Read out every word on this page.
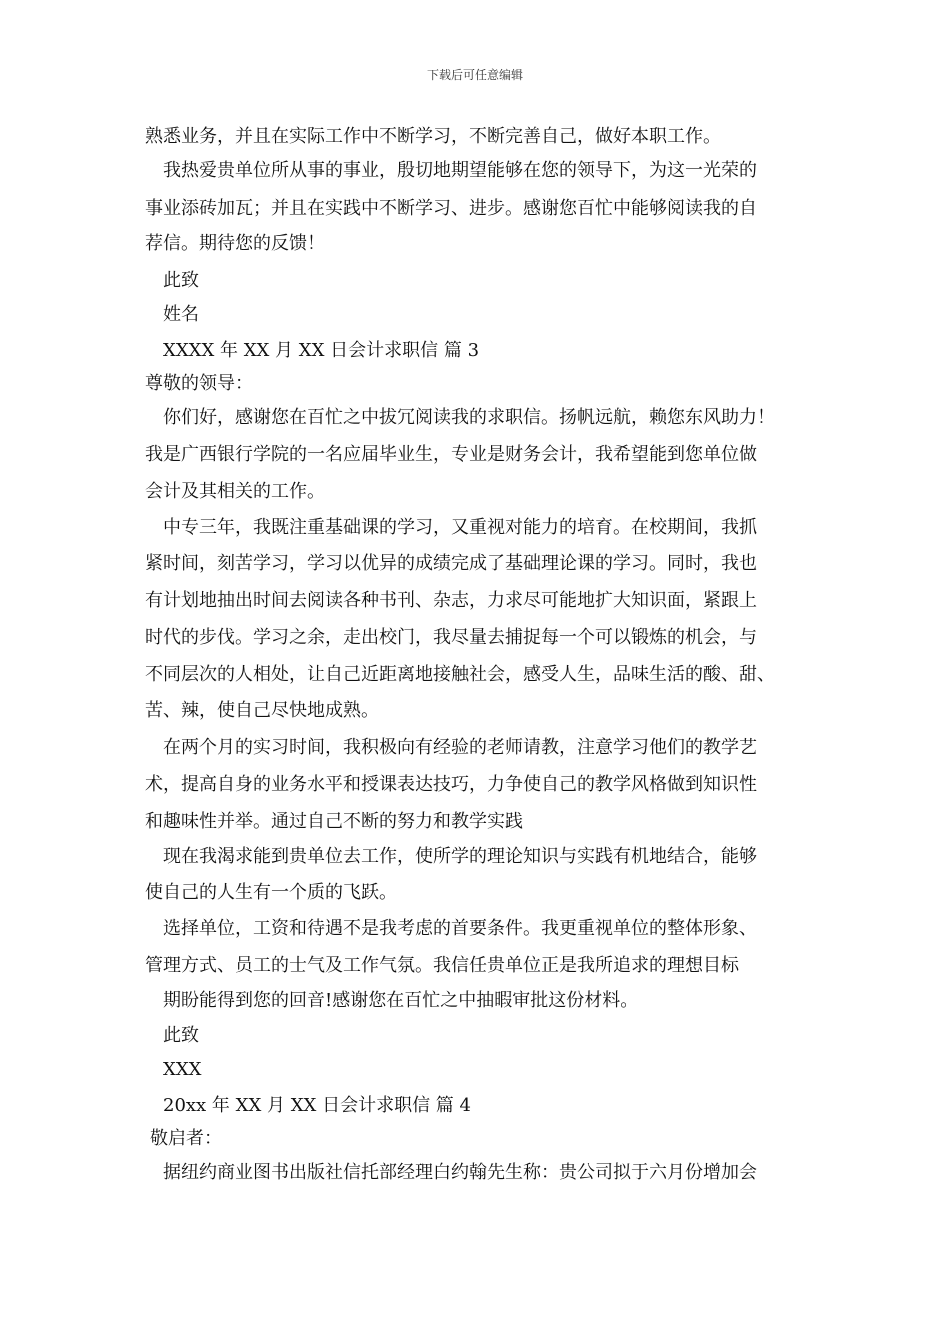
下载后可任意编辑
熟悉业务，并且在实际工作中不断学习，不断完善自己，做好本职工作。
我热爱贵单位所从事的事业，殷切地期望能够在您的领导下，为这一光荣的
事业添砖加瓦；并且在实践中不断学习、进步。感谢您百忙中能够阅读我的自
荐信。期待您的反馈！
此致
姓名
XXXX 年 XX 月 XX 日会计求职信 篇 3
尊敬的领导：
你们好，感谢您在百忙之中拔冗阅读我的求职信。扬帆远航，赖您东风助力！
我是广西银行学院的一名应届毕业生，专业是财务会计，我希望能到您单位做
会计及其相关的工作。
中专三年，我既注重基础课的学习，又重视对能力的培育。在校期间，我抓
紧时间，刻苦学习，学习以优异的成绩完成了基础理论课的学习。同时，我也
有计划地抽出时间去阅读各种书刊、杂志，力求尽可能地扩大知识面，紧跟上
时代的步伐。学习之余，走出校门，我尽量去捕捉每一个可以锻炼的机会，与
不同层次的人相处，让自己近距离地接触社会，感受人生，品味生活的酸、甜、
苦、辣，使自己尽快地成熟。
在两个月的实习时间，我积极向有经验的老师请教，注意学习他们的教学艺
术，提高自身的业务水平和授课表达技巧，力争使自己的教学风格做到知识性
和趣味性并举。通过自己不断的努力和教学实践
现在我渴求能到贵单位去工作，使所学的理论知识与实践有机地结合，能够
使自己的人生有一个质的飞跃。
选择单位，工资和待遇不是我考虑的首要条件。我更重视单位的整体形象、
管理方式、员工的士气及工作气氛。我信任贵单位正是我所追求的理想目标
期盼能得到您的回音!感谢您在百忙之中抽暇审批这份材料。
此致
XXX
20xx 年 XX 月 XX 日会计求职信 篇 4
敬启者：
据纽约商业图书出版社信托部经理白约翰先生称：贵公司拟于六月份增加会
